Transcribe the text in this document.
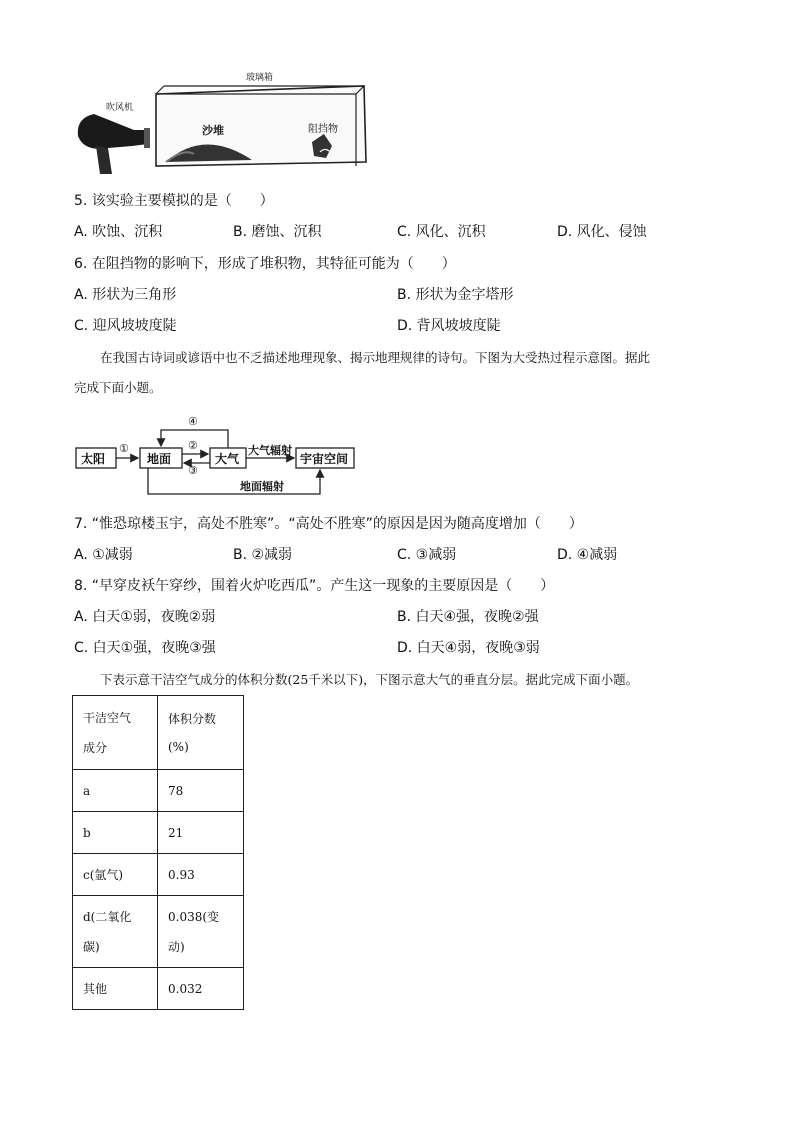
玻璃箱
吹风机
沙堆	阻挡物
5. 该实验主要模拟的是（　　）
A. 吹蚀、沉积	B. 磨蚀、沉积	C. 风化、沉积	D. 风化、侵蚀
6. 在阻挡物的影响下，形成了堆积物，其特征可能为（　　）
A. 形状为三角形	B. 形状为金字塔形
C. 迎风坡坡度陡	D. 背风坡坡度陡
在我国古诗词或谚语中也不乏描述地理现象、揭示地理规律的诗句。下图为大受热过程示意图。据此
完成下面小题。
太阳	地面	大气	宇宙空间
①	②
③
④
大气辐射
地面辐射
7. “惟恐琼楼玉宇，高处不胜寒”。“高处不胜寒”的原因是因为随高度增加（　　）
A. ①减弱	B. ②减弱	C. ③减弱	D. ④减弱
8. “早穿皮袄午穿纱，围着火炉吃西瓜”。产生这一现象的主要原因是（　　）
A. 白天①弱，夜晚②弱	B. 白天④强，夜晚②强
C. 白天①强，夜晚③强	D. 白天④弱，夜晚③弱
下表示意干洁空气成分的体积分数(25千米以下)，下图示意大气的垂直分层。据此完成下面小题。
干洁空气
成分	体积分数(%)
a	78
b	21
c(氩气)	0.93
d(二氧化碳)	0.038(变动)
其他	0.032
